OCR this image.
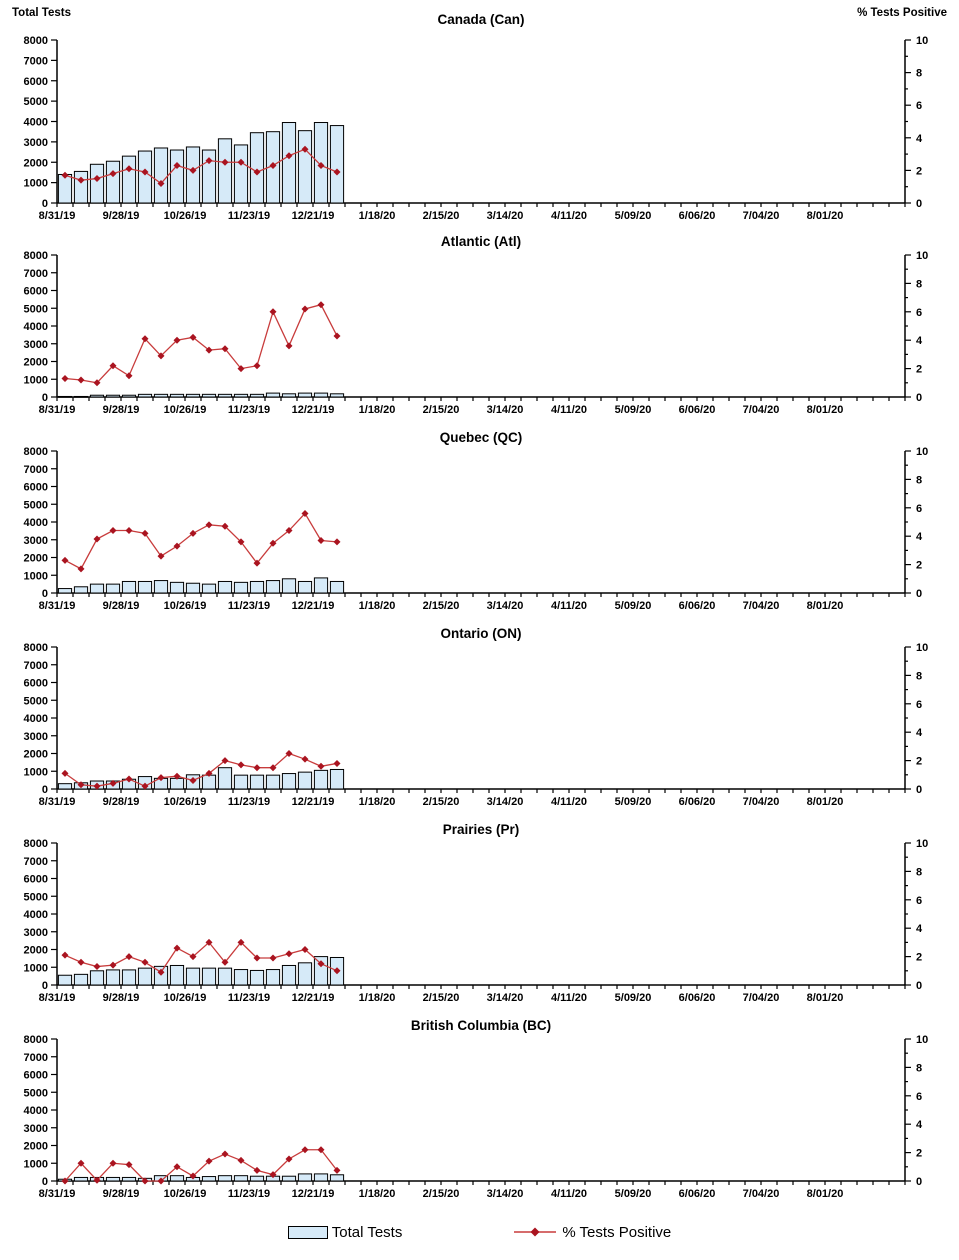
Total Tests	% Tests Positive
Canada (Can)
0
1000
2000
3000
4000
5000
6000
7000
8000
0
2
4
6
8
10
8/31/19 9/28/19 10/26/19 11/23/19 12/21/19 1/18/20 2/15/20 3/14/20	4/11/20	5/09/20 6/06/20 7/04/20 8/01/20
Atlantic (Atl)
0
1000
2000
3000
4000
5000
6000
7000
8000
0
2
4
6
8
10
8/31/19 9/28/19 10/26/19 11/23/19 12/21/19 1/18/20 2/15/20 3/14/20	4/11/20	5/09/20 6/06/20 7/04/20 8/01/20
Quebec (QC)
0
1000
2000
3000
4000
5000
6000
7000
8000
0
2
4
6
8
10
8/31/19 9/28/19 10/26/19 11/23/19 12/21/19 1/18/20 2/15/20 3/14/20	4/11/20	5/09/20 6/06/20 7/04/20 8/01/20
Ontario (ON)
0
1000
2000
3000
4000
5000
6000
7000
8000
0
2
4
6
8
10
8/31/19 9/28/19 10/26/19 11/23/19 12/21/19 1/18/20 2/15/20 3/14/20	4/11/20	5/09/20 6/06/20 7/04/20 8/01/20
Prairies (Pr)
0
1000
2000
3000
4000
5000
6000
7000
8000
0
2
4
6
8
10
8/31/19 9/28/19 10/26/19 11/23/19 12/21/19 1/18/20 2/15/20 3/14/20	4/11/20	5/09/20 6/06/20 7/04/20 8/01/20
British Columbia (BC)
0
1000
2000
3000
4000
5000
6000
7000
8000
0
2
4
6
8
10
8/31/19 9/28/19 10/26/19 11/23/19 12/21/19 1/18/20 2/15/20 3/14/20	4/11/20	5/09/20 6/06/20 7/04/20 8/01/20
Total Tests	% Tests Positive
